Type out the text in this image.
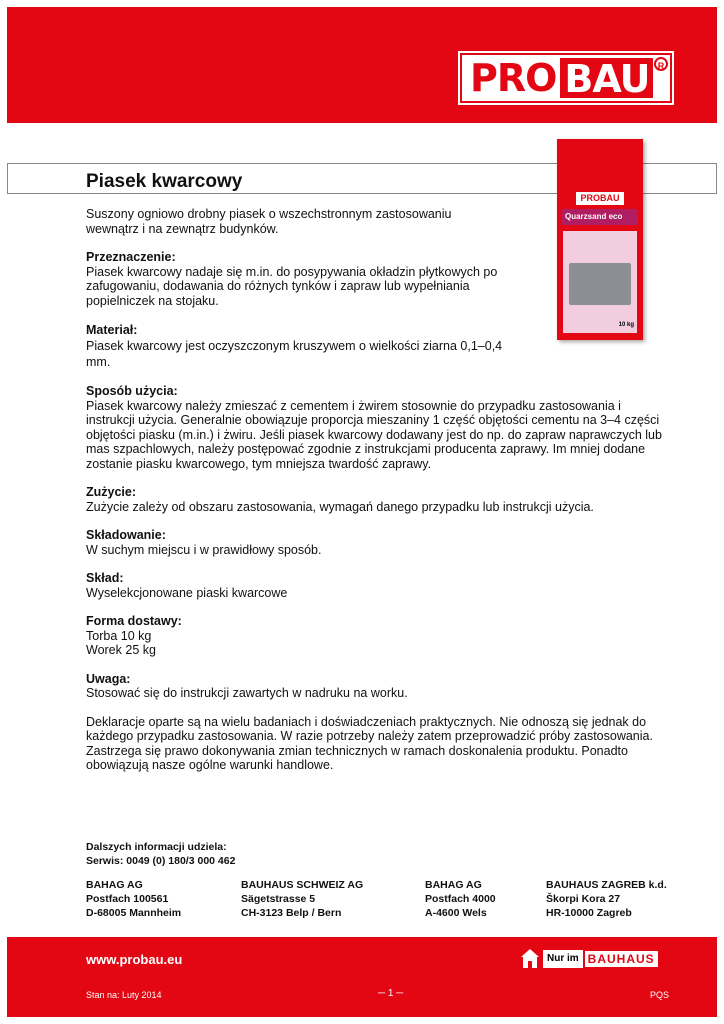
PRO BAU R
Piasek kwarcowy
PROBAU
Quarzsand eco
10 kg

Suszony ogniowo drobny piasek o wszechstronnym zastosowaniu wewnątrz i na zewnątrz budynków.

Przeznaczenie:

Piasek kwarcowy nadaje się m.in. do posypywania okładzin płytkowych po zafugowaniu, dodawania do różnych tynków i zapraw lub wypełniania popielniczek na stojaku.

Materiał:

Piasek kwarcowy jest oczyszczonym kruszywem o wielkości ziarna 0,1–0,4 mm.

Sposób użycia:

Piasek kwarcowy należy zmieszać z cementem i żwirem stosownie do przypadku zastosowania i instrukcji użycia. Generalnie obowiązuje proporcja mieszaniny 1 część objętości cementu na 3–4 części objętości piasku (m.in.) i żwiru. Jeśli piasek kwarcowy dodawany jest do np. do zapraw naprawczych lub mas szpachlowych, należy postępować zgodnie z instrukcjami producenta zaprawy. Im mniej dodane zostanie piasku kwarcowego, tym mniejsza twardość zaprawy.

Zużycie:

Zużycie zależy od obszaru zastosowania, wymagań danego przypadku lub instrukcji użycia.

Składowanie:

W suchym miejscu i w prawidłowy sposób.

Skład:

Wyselekcjonowane piaski kwarcowe

Forma dostawy:

Torba 10 kg

Worek 25 kg

Uwaga:

Stosować się do instrukcji zawartych w nadruku na worku.

Deklaracje oparte są na wielu badaniach i doświadczeniach praktycznych. Nie odnoszą się jednak do każdego przypadku zastosowania. W razie potrzeby należy zatem przeprowadzić próby zastosowania. Zastrzega się prawo dokonywania zmian technicznych w ramach doskonalenia produktu. Ponadto obowiązują nasze ogólne warunki handlowe.

Dalszych informacji udziela:
Serwis: 0049 (0) 180/3 000 462
BAHAG AG
Postfach 100561
D-68005 Mannheim
BAUHAUS SCHWEIZ AG
Sägetstrasse 5
CH-3123 Belp / Bern
BAHAG AG
Postfach 4000
A-4600 Wels
BAUHAUS ZAGREB k.d.
Škorpi Kora 27
HR-10000 Zagreb
www.probau.eu	Nur im BAUHAUS
Stan na: Luty 2014	─ 1 ─	PQS
